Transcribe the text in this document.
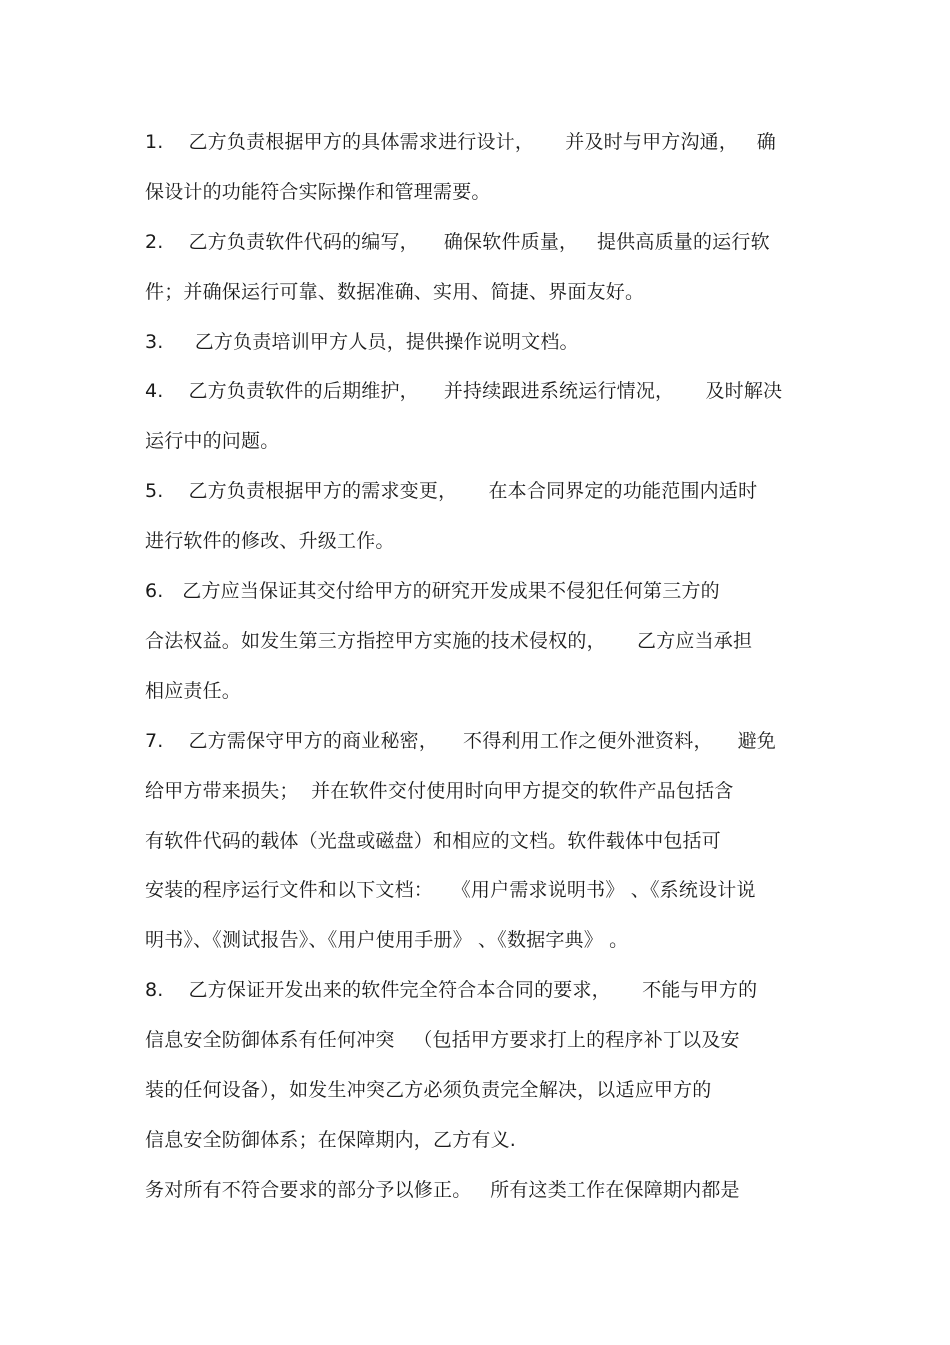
1.    乙方负责根据甲方的具体需求进行设计，     并及时与甲方沟通，   确
保设计的功能符合实际操作和管理需要。
2.    乙方负责软件代码的编写，    确保软件质量，   提供高质量的运行软
件；并确保运行可靠、数据准确、实用、简捷、界面友好。
3.     乙方负责培训甲方人员，提供操作说明文档。
4.    乙方负责软件的后期维护，    并持续跟进系统运行情况，     及时解决
运行中的问题。
5.    乙方负责根据甲方的需求变更，     在本合同界定的功能范围内适时
进行软件的修改、升级工作。
6.   乙方应当保证其交付给甲方的研究开发成果不侵犯任何第三方的
合法权益。如发生第三方指控甲方实施的技术侵权的，     乙方应当承担
相应责任。
7.    乙方需保守甲方的商业秘密，    不得利用工作之便外泄资料，    避免
给甲方带来损失；  并在软件交付使用时向甲方提交的软件产品包括含
有软件代码的载体（光盘或磁盘）和相应的文档。软件载体中包括可
安装的程序运行文件和以下文档：   《用户需求说明书》 、《系统设计说
明书》、《测试报告》、《用户使用手册》 、《数据字典》 。
8.    乙方保证开发出来的软件完全符合本合同的要求，     不能与甲方的
信息安全防御体系有任何冲突   （包括甲方要求打上的程序补丁以及安
装的任何设备），如发生冲突乙方必须负责完全解决，以适应甲方的
信息安全防御体系；在保障期内，乙方有义.
务对所有不符合要求的部分予以修正。   所有这类工作在保障期内都是
